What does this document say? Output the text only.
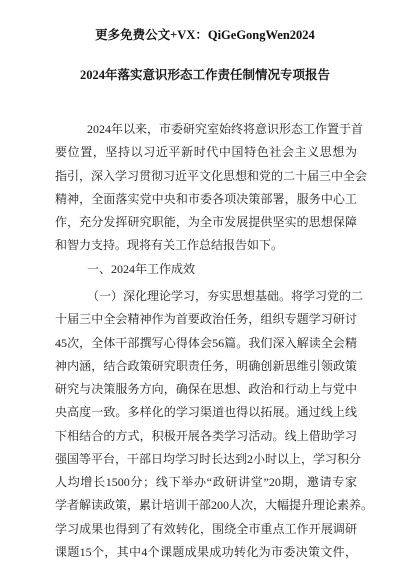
更多免费公文+VX：QiGeGongWen2024
2024年落实意识形态工作责任制情况专项报告
2024年以来，市委研究室始终将意识形态工作置于首
要位置，坚持以习近平新时代中国特色社会主义思想为
指引，深入学习贯彻习近平文化思想和党的二十届三中全会
精神，全面落实党中央和市委各项决策部署，服务中心工
作，充分发挥研究职能，为全市发展提供坚实的思想保障
和智力支持。现将有关工作总结报告如下。
一、2024年工作成效
（一）深化理论学习，夯实思想基础。将学习党的二
十届三中全会精神作为首要政治任务，组织专题学习研讨
45次，全体干部撰写心得体会56篇。我们深入解读全会精
神内涵，结合政策研究职责任务，明确创新思维引领政策
研究与决策服务方向，确保在思想、政治和行动上与党中
央高度一致。多样化的学习渠道也得以拓展。通过线上线
下相结合的方式，积极开展各类学习活动。线上借助学习
强国等平台，干部日均学习时长达到2小时以上，学习积分
人均增长1500分；线下举办“政研讲堂”20期，邀请专家
学者解读政策，累计培训干部200人次，大幅提升理论素养。
学习成果也得到了有效转化，围绕全市重点工作开展调研
课题15个，其中4个课题成果成功转化为市委决策文件，
